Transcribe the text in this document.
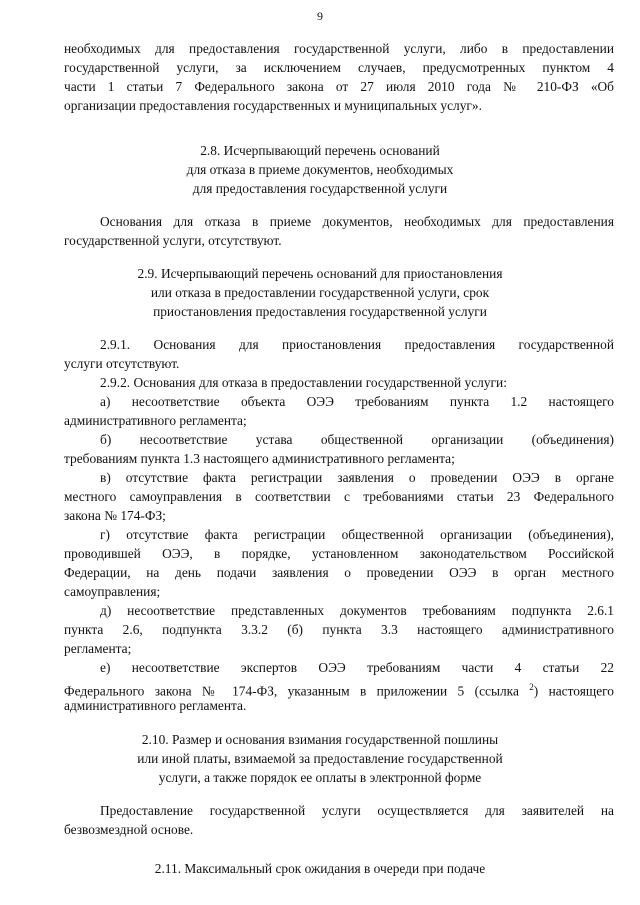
9
необходимых для предоставления государственной услуги, либо в предоставлении
государственной услуги, за исключением случаев, предусмотренных пунктом 4
части 1 статьи 7 Федерального закона от 27 июля 2010 года № 210-ФЗ «Об
организации предоставления государственных и муниципальных услуг».
2.8. Исчерпывающий перечень оснований
для отказа в приеме документов, необходимых
для предоставления государственной услуги
Основания для отказа в приеме документов, необходимых для предоставления
государственной услуги, отсутствуют.
2.9. Исчерпывающий перечень оснований для приостановления
или отказа в предоставлении государственной услуги, срок
приостановления предоставления государственной услуги
2.9.1. Основания для приостановления предоставления государственной
услуги отсутствуют.
2.9.2. Основания для отказа в предоставлении государственной услуги:
а) несоответствие объекта ОЭЭ требованиям пункта 1.2 настоящего
административного регламента;
б) несоответствие устава общественной организации (объединения)
требованиям пункта 1.3 настоящего административного регламента;
в) отсутствие факта регистрации заявления о проведении ОЭЭ в органе
местного самоуправления в соответствии с требованиями статьи 23 Федерального
закона № 174-ФЗ;
г) отсутствие факта регистрации общественной организации (объединения),
проводившей ОЭЭ, в порядке, установленном законодательством Российской
Федерации, на день подачи заявления о проведении ОЭЭ в орган местного
самоуправления;
д) несоответствие представленных документов требованиям подпункта 2.6.1
пункта 2.6, подпункта 3.3.2 (б) пункта 3.3 настоящего административного
регламента;
е) несоответствие экспертов ОЭЭ требованиям части 4 статьи 22
Федерального закона № 174-ФЗ, указанным в приложении 5 (ссылка $^2$) настоящего
административного регламента.
2.10. Размер и основания взимания государственной пошлины
или иной платы, взимаемой за предоставление государственной
услуги, а также порядок ее оплаты в электронной форме
Предоставление государственной услуги осуществляется для заявителей на
безвозмездной основе.
2.11. Максимальный срок ожидания в очереди при подаче
